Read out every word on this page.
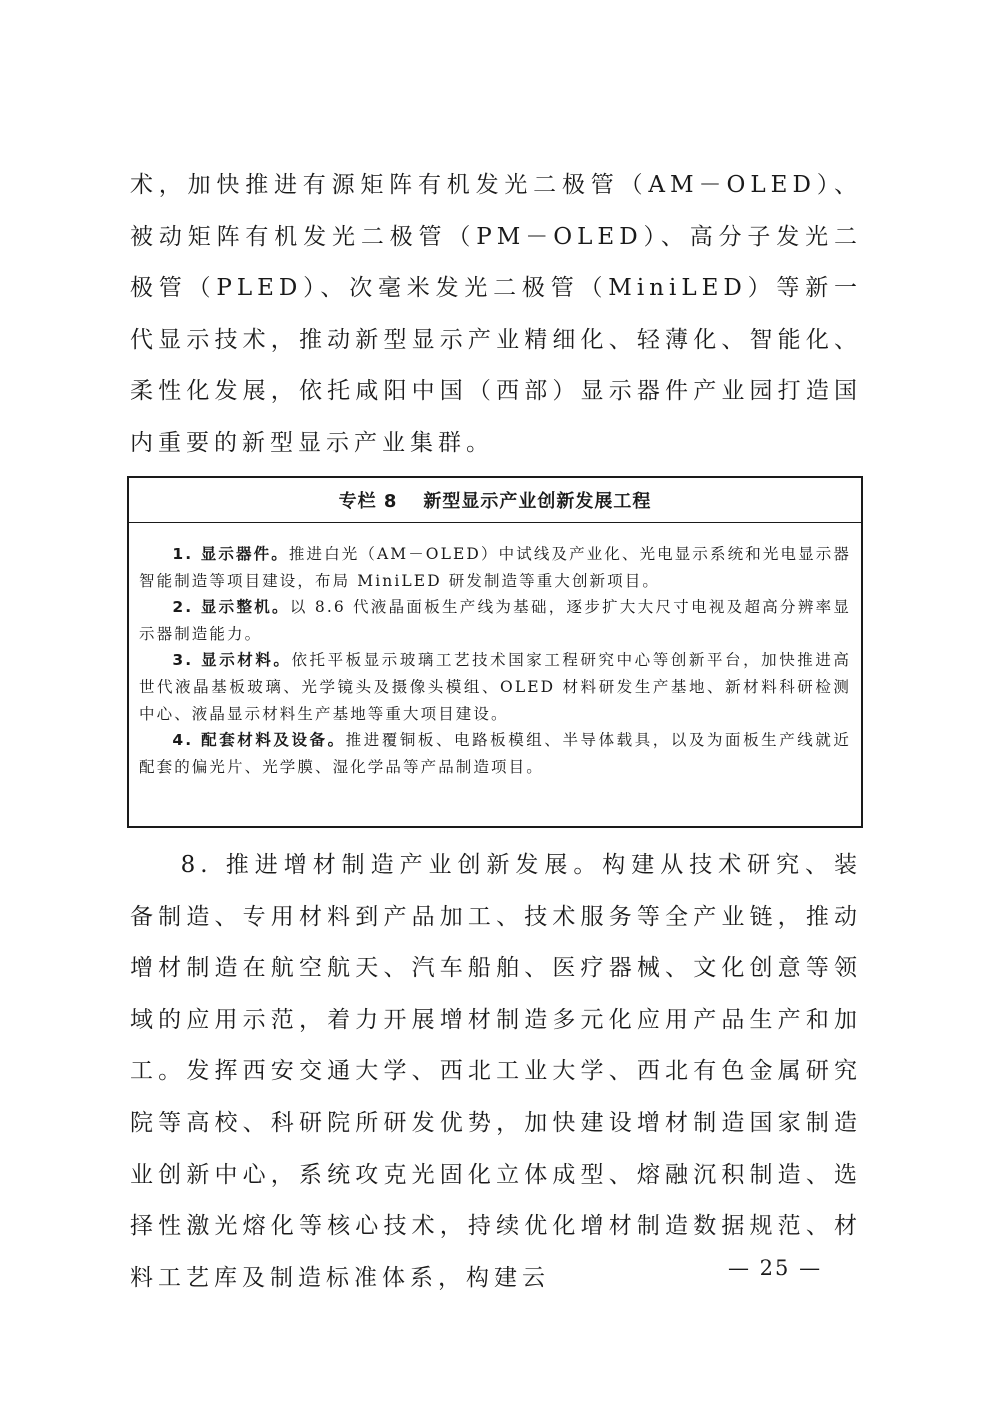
术，加快推进有源矩阵有机发光二极管（AM－OLED）、被动矩阵有机发光二极管（PM－OLED）、高分子发光二极管（PLED）、次毫米发光二极管（MiniLED）等新一代显示技术，推动新型显示产业精细化、轻薄化、智能化、柔性化发展，依托咸阳中国（西部）显示器件产业园打造国内重要的新型显示产业集群。

专栏 8 新型显示产业创新发展工程

1. 显示器件。推进白光（AM－OLED）中试线及产业化、光电显示系统和光电显示器智能制造等项目建设，布局 MiniLED 研发制造等重大创新项目。

2. 显示整机。以 8.6 代液晶面板生产线为基础，逐步扩大大尺寸电视及超高分辨率显示器制造能力。

3. 显示材料。依托平板显示玻璃工艺技术国家工程研究中心等创新平台，加快推进高世代液晶基板玻璃、光学镜头及摄像头模组、OLED 材料研发生产基地、新材料科研检测中心、液晶显示材料生产基地等重大项目建设。

4. 配套材料及设备。推进覆铜板、电路板模组、半导体载具，以及为面板生产线就近配套的偏光片、光学膜、湿化学品等产品制造项目。

8. 推进增材制造产业创新发展。构建从技术研究、装备制造、专用材料到产品加工、技术服务等全产业链，推动增材制造在航空航天、汽车船舶、医疗器械、文化创意等领域的应用示范，着力开展增材制造多元化应用产品生产和加工。发挥西安交通大学、西北工业大学、西北有色金属研究院等高校、科研院所研发优势，加快建设增材制造国家制造业创新中心，系统攻克光固化立体成型、熔融沉积制造、选择性激光熔化等核心技术，持续优化增材制造数据规范、材料工艺库及制造标准体系，构建云	— 25 —
